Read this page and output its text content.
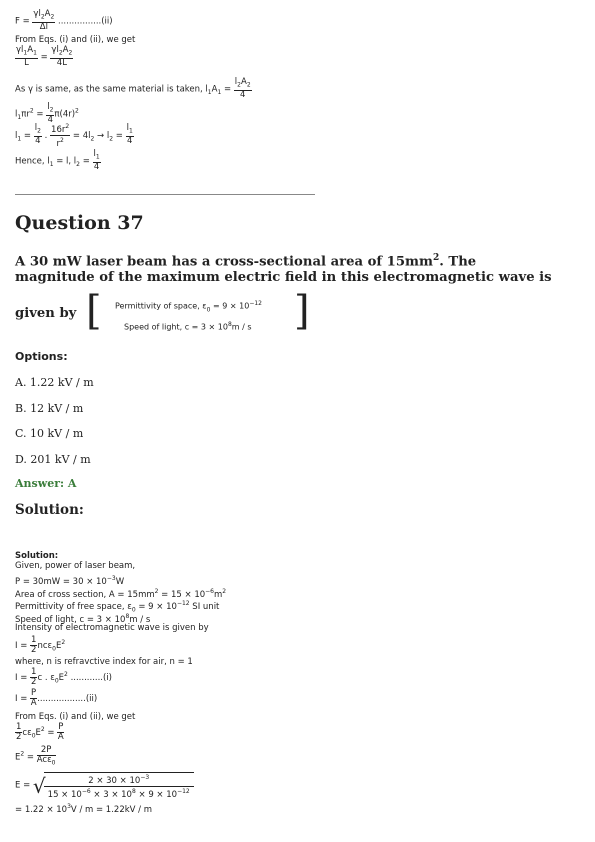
$F = \frac{\gamma l_2A_2}{\Delta l} ................(ii)$
From Eqs. (i) and (ii), we get
$\frac{\gamma l_1A_1}{L} = \frac{\gamma l_2A_2}{4L}$
As γ is same, as the same material is taken, $l_1A_1 = \frac{l_2A_2}{4}$
$l_1\pi r^2 = \frac{l_2}{4} \pi(4r)^2$
$l_1 = \frac{l_2}{4}$ . $\frac{16r^2}{r^2} = 4l_2 \to l_2 = \frac{l_1}{4}$
Hence, $l_1 = l$, $l_2 = \frac{l_1}{4}$
Question 37
A 30 mW laser beam has a cross-sectional area of $15mm^2$. The
magnitude of the maximum electric field in this electromagnetic wave is
given by [ Permittivity of space, $\varepsilon_0 = 9 \times 10^{-12}$
Speed of light, $c = 3 \times 10^8m / s$ ]
Options:
A. 1.22 kV / m
B. 12 kV / m
C. 10 kV / m
D. 201 kV / m
Answer: A
Solution:
Solution:
Given, power of laser beam,
$P = 30mW = 30 \times 10^{-3}W$
Area of cross section, $A = 15mm^2 = 15 \times 10^{-6}m^2$
Permittivity of free space, $\varepsilon_0 = 9 \times 10^{-12}$ SI unit
Speed of light, $c = 3 \times 10^8m / s$
Intensity of electromagnetic wave is given by
$I = \frac{1}{2} nc\varepsilon_0E^2$
where, n is refravctive index for air, n = 1
$I = \frac{1}{2}$ c . $\varepsilon_0E^2$ ............(i)
$I = \frac{P}{A} ..................(ii)$
From Eqs. (i) and (ii), we get
$\frac{1}{2} c\varepsilon_0E^2 = \frac{P}{A}$
$E^2 = \frac{2P}{Ac\varepsilon_0}$
E = √
$\frac{2 \times 30 \times 10^{-3}}{15 \times 10^{-6} \times 3 \times 10^8 \times 9 \times 10^{-12}}$
= $1.22 \times 10^3V / m = 1.22kV / m$
